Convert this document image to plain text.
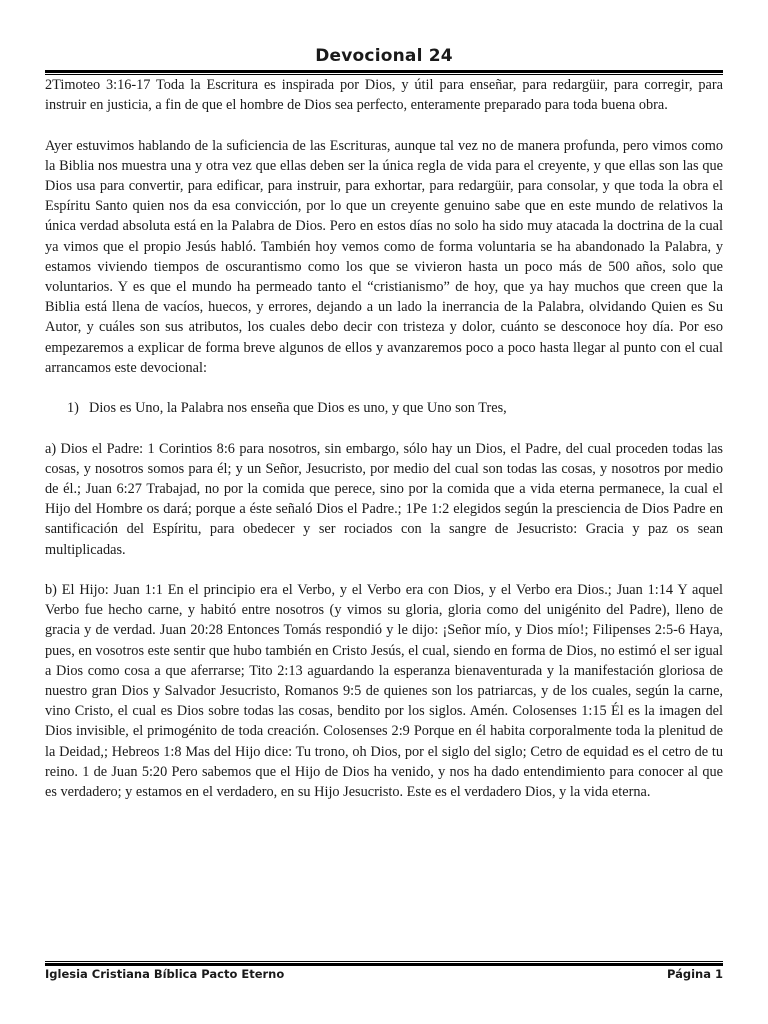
Devocional 24

2Timoteo 3:16-17 Toda la Escritura es inspirada por Dios, y útil para enseñar, para redargüir, para corregir, para instruir en justicia, a fin de que el hombre de Dios sea perfecto, enteramente preparado para toda buena obra.

Ayer estuvimos hablando de la suficiencia de las Escrituras, aunque tal vez no de manera profunda, pero vimos como la Biblia nos muestra una y otra vez que ellas deben ser la única regla de vida para el creyente, y que ellas son las que Dios usa para convertir, para edificar, para instruir, para exhortar, para redargüir, para consolar, y que toda la obra el Espíritu Santo quien nos da esa convicción, por lo que un creyente genuino sabe que en este mundo de relativos la única verdad absoluta está en la Palabra de Dios. Pero en estos días no solo ha sido muy atacada la doctrina de la cual ya vimos que el propio Jesús habló. También hoy vemos como de forma voluntaria se ha abandonado la Palabra, y estamos viviendo tiempos de oscurantismo como los que se vivieron hasta un poco más de 500 años, solo que voluntarios. Y es que el mundo ha permeado tanto el “cristianismo” de hoy, que ya hay muchos que creen que la Biblia está llena de vacíos, huecos, y errores, dejando a un lado la inerrancia de la Palabra, olvidando Quien es Su Autor, y cuáles son sus atributos, los cuales debo decir con tristeza y dolor, cuánto se desconoce hoy día. Por eso empezaremos a explicar de forma breve algunos de ellos y avanzaremos poco a poco hasta llegar al punto con el cual arrancamos este devocional:

1) Dios es Uno, la Palabra nos enseña que Dios es uno, y que Uno son Tres,

a) Dios el Padre: 1 Corintios 8:6 para nosotros, sin embargo, sólo hay un Dios, el Padre, del cual proceden todas las cosas, y nosotros somos para él; y un Señor, Jesucristo, por medio del cual son todas las cosas, y nosotros por medio de él.; Juan 6:27 Trabajad, no por la comida que perece, sino por la comida que a vida eterna permanece, la cual el Hijo del Hombre os dará; porque a éste señaló Dios el Padre.; 1Pe 1:2 elegidos según la presciencia de Dios Padre en santificación del Espíritu, para obedecer y ser rociados con la sangre de Jesucristo: Gracia y paz os sean multiplicadas.

b) El Hijo: Juan 1:1 En el principio era el Verbo, y el Verbo era con Dios, y el Verbo era Dios.; Juan 1:14 Y aquel Verbo fue hecho carne, y habitó entre nosotros (y vimos su gloria, gloria como del unigénito del Padre), lleno de gracia y de verdad. Juan 20:28 Entonces Tomás respondió y le dijo: ¡Señor mío, y Dios mío!; Filipenses 2:5-6 Haya, pues, en vosotros este sentir que hubo también en Cristo Jesús, el cual, siendo en forma de Dios, no estimó el ser igual a Dios como cosa a que aferrarse; Tito 2:13 aguardando la esperanza bienaventurada y la manifestación gloriosa de nuestro gran Dios y Salvador Jesucristo, Romanos 9:5 de quienes son los patriarcas, y de los cuales, según la carne, vino Cristo, el cual es Dios sobre todas las cosas, bendito por los siglos. Amén. Colosenses 1:15 Él es la imagen del Dios invisible, el primogénito de toda creación. Colosenses 2:9 Porque en él habita corporalmente toda la plenitud de la Deidad,; Hebreos 1:8 Mas del Hijo dice: Tu trono, oh Dios, por el siglo del siglo; Cetro de equidad es el cetro de tu reino. 1 de Juan 5:20 Pero sabemos que el Hijo de Dios ha venido, y nos ha dado entendimiento para conocer al que es verdadero; y estamos en el verdadero, en su Hijo Jesucristo. Este es el verdadero Dios, y la vida eterna.

Iglesia Cristiana Bíblica Pacto Eterno	Página 1
